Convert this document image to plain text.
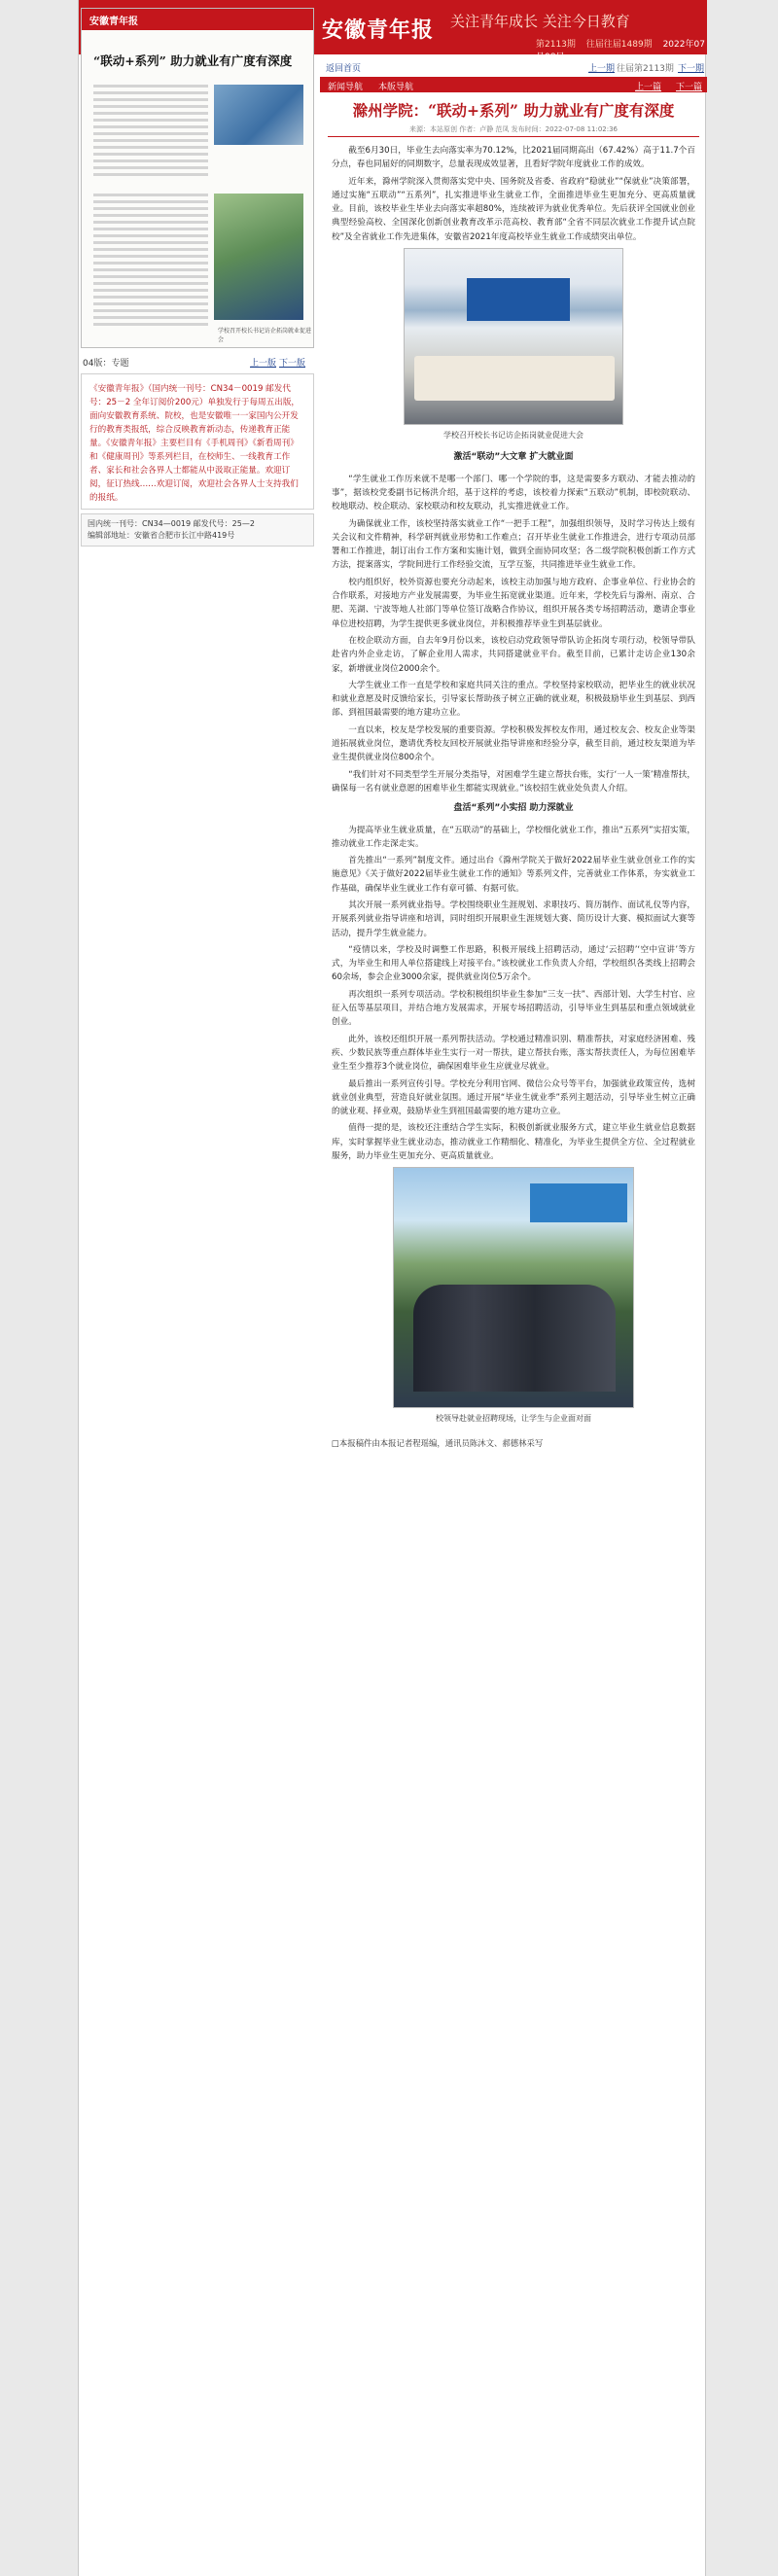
安徽青年报 关注青年成长 关注今日教育
第2113期 往届往届1489期 2022年07月08日
安徽青年报
“联动+系列” 助力就业有广度有深度
学校召开校长书记访企拓岗就业促进会
04版：专题	上一版 下一版
《安徽青年报》（国内统一刊号：CN34－0019 邮发代号：25－2 全年订阅价200元）单独发行于每周五出版，面向安徽教育系统、院校，也是安徽唯一一家国内公开发行的教育类报纸，综合反映教育新动态，传递教育正能量。《安徽青年报》主要栏目有《手机周刊》《新看周刊》和《健康周刊》等系列栏目，在校师生、一线教育工作者、家长和社会各界人士都能从中汲取正能量。欢迎订阅，征订热线……欢迎订阅，欢迎社会各界人士支持我们的报纸。
国内统一刊号：CN34—0019 邮发代号：25—2
编辑部地址：安徽省合肥市长江中路419号
返回首页	上一期 往届第2113期 下一期
新闻导航 本版导航	上一篇 下一篇
滁州学院：“联动+系列” 助力就业有广度有深度
来源：本站原创 作者：卢静 范凤 发布时间：2022-07-08 11:02:36

截至6月30日，毕业生去向落实率为70.12%，比2021届同期高出（67.42%）高于11.7个百分点，春也同届好的同期数字，总量表现成效显著，且看好学院年度就业工作的成效。

近年来，滁州学院深入贯彻落实党中央、国务院及省委、省政府“稳就业”“保就业”决策部署，通过实施“五联动”“五系列”，扎实推进毕业生就业工作，全面推进毕业生更加充分、更高质量就业。目前，该校毕业生毕业去向落实率超80%，连续被评为就业优秀单位。先后获评全国就业创业典型经验高校、全国深化创新创业教育改革示范高校、教育部“全省不同层次就业工作提升试点院校”及全省就业工作先进集体，安徽省2021年度高校毕业生就业工作成绩突出单位。

学校召开校长书记访企拓岗就业促进大会
激活“联动”大文章 扩大就业面

“学生就业工作历来就不是哪一个部门、哪一个学院的事，这是需要多方联动、才能去推动的事”，据该校党委副书记杨洪介绍，基于这样的考虑，该校着力探索“五联动”机制，即校院联动、校地联动、校企联动、家校联动和校友联动，扎实推进就业工作。

为确保就业工作，该校坚持落实就业工作“一把手工程”，加强组织领导，及时学习传达上级有关会议和文件精神，科学研判就业形势和工作难点；召开毕业生就业工作推进会，进行专项动员部署和工作推进，制订出台工作方案和实施计划，做到全面协同攻坚；各二级学院积极创新工作方式方法，提案落实，学院间进行工作经验交流，互学互鉴，共同推进毕业生就业工作。

校内组织好，校外资源也要充分动起来，该校主动加强与地方政府、企事业单位、行业协会的合作联系，对接地方产业发展需要，为毕业生拓宽就业渠道。近年来，学校先后与滁州、南京、合肥、芜湖、宁波等地人社部门等单位签订战略合作协议，组织开展各类专场招聘活动，邀请企事业单位进校招聘，为学生提供更多就业岗位，并积极推荐毕业生到基层就业。

在校企联动方面，自去年9月份以来，该校启动党政领导带队访企拓岗专项行动，校领导带队赴省内外企业走访，了解企业用人需求，共同搭建就业平台。截至目前，已累计走访企业130余家，新增就业岗位2000余个。

大学生就业工作一直是学校和家庭共同关注的重点。学校坚持家校联动，把毕业生的就业状况和就业意愿及时反馈给家长，引导家长帮助孩子树立正确的就业观，积极鼓励毕业生到基层、到西部、到祖国最需要的地方建功立业。

一直以来，校友是学校发展的重要资源。学校积极发挥校友作用，通过校友会、校友企业等渠道拓展就业岗位，邀请优秀校友回校开展就业指导讲座和经验分享，截至目前，通过校友渠道为毕业生提供就业岗位800余个。

“我们针对不同类型学生开展分类指导，对困难学生建立帮扶台账，实行‘一人一策’精准帮扶，确保每一名有就业意愿的困难毕业生都能实现就业。”该校招生就业处负责人介绍。

盘活“系列”小实招 助力深就业

为提高毕业生就业质量，在“五联动”的基础上，学校细化就业工作，推出“五系列”实招实策，推动就业工作走深走实。

首先推出“一系列”制度文件。通过出台《滁州学院关于做好2022届毕业生就业创业工作的实施意见》《关于做好2022届毕业生就业工作的通知》等系列文件，完善就业工作体系，夯实就业工作基础，确保毕业生就业工作有章可循、有据可依。

其次开展一系列就业指导。学校围绕职业生涯规划、求职技巧、简历制作、面试礼仪等内容，开展系列就业指导讲座和培训，同时组织开展职业生涯规划大赛、简历设计大赛、模拟面试大赛等活动，提升学生就业能力。

“疫情以来，学校及时调整工作思路，积极开展线上招聘活动，通过‘云招聘’‘空中宣讲’等方式，为毕业生和用人单位搭建线上对接平台。”该校就业工作负责人介绍，学校组织各类线上招聘会60余场，参会企业3000余家，提供就业岗位5万余个。

再次组织一系列专项活动。学校积极组织毕业生参加“三支一扶”、西部计划、大学生村官、应征入伍等基层项目，并结合地方发展需求，开展专场招聘活动，引导毕业生到基层和重点领域就业创业。

此外，该校还组织开展一系列帮扶活动。学校通过精准识别、精准帮扶，对家庭经济困难、残疾、少数民族等重点群体毕业生实行一对一帮扶，建立帮扶台账，落实帮扶责任人，为每位困难毕业生至少推荐3个就业岗位，确保困难毕业生应就业尽就业。

最后推出一系列宣传引导。学校充分利用官网、微信公众号等平台，加强就业政策宣传，选树就业创业典型，营造良好就业氛围。通过开展“毕业生就业季”系列主题活动，引导毕业生树立正确的就业观、择业观，鼓励毕业生到祖国最需要的地方建功立业。

值得一提的是，该校还注重结合学生实际，积极创新就业服务方式，建立毕业生就业信息数据库，实时掌握毕业生就业动态，推动就业工作精细化、精准化，为毕业生提供全方位、全过程就业服务，助力毕业生更加充分、更高质量就业。

校领导赴就业招聘现场，让学生与企业面对面

□本报稿件由本报记者程瑶编，通讯员陈沐文、郝德林采写
